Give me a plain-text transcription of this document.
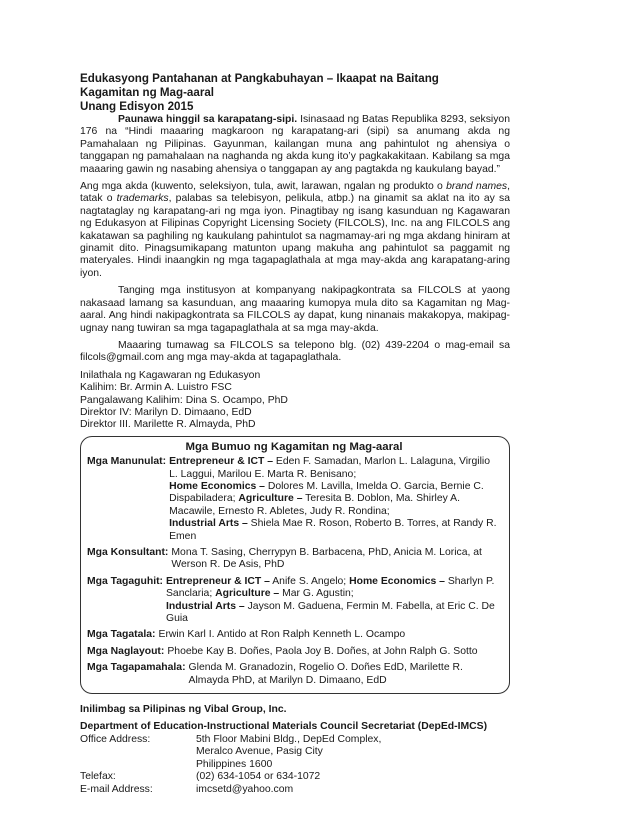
Edukasyong Pantahanan at Pangkabuhayan – Ikaapat na Baitang
Kagamitan ng Mag-aaral
Unang Edisyon 2015

Paunawa hinggil sa karapatang-sipi. Isinasaad ng Batas Republika 8293, seksiyon 176 na “Hindi maaaring magkaroon ng karapatang-ari (sipi) sa anumang akda ng Pamahalaan ng Pilipinas. Gayunman, kailangan muna ang pahintulot ng ahensiya o tanggapan ng pamahalaan na naghanda ng akda kung ito’y pagkakakitaan. Kabilang sa mga maaaring gawin ng nasabing ahensiya o tanggapan ay ang pagtakda ng kaukulang bayad.”

Ang mga akda (kuwento, seleksiyon, tula, awit, larawan, ngalan ng produkto o brand names, tatak o trademarks, palabas sa telebisyon, pelikula, atbp.) na ginamit sa aklat na ito ay sa nagtataglay ng karapatang-ari ng mga iyon. Pinagtibay ng isang kasunduan ng Kagawaran ng Edukasyon at Filipinas Copyright Licensing Society (FILCOLS), Inc. na ang FILCOLS ang kakatawan sa paghiling ng kaukulang pahintulot sa nagmamay-ari ng mga akdang hiniram at ginamit dito. Pinagsumikapang matunton upang makuha ang pahintulot sa paggamit ng materyales. Hindi inaangkin ng mga tagapaglathala at mga may-akda ang karapatang-aring iyon.

Tanging mga institusyon at kompanyang nakipagkontrata sa FILCOLS at yaong nakasaad lamang sa kasunduan, ang maaaring kumopya mula dito sa Kagamitan ng Mag-aaral. Ang hindi nakipagkontrata sa FILCOLS ay dapat, kung ninanais makakopya, makipag-ugnay nang tuwiran sa mga tagapaglathala at sa mga may-akda.

Maaaring tumawag sa FILCOLS sa telepono blg. (02) 439-2204 o mag-email sa filcols@gmail.com ang mga may-akda at tagapaglathala.

Inilathala ng Kagawaran ng Edukasyon
Kalihim: Br. Armin A. Luistro FSC
Pangalawang Kalihim: Dina S. Ocampo, PhD
Direktor IV: Marilyn D. Dimaano, EdD
Direktor III. Marilette R. Almayda, PhD
Mga Bumuo ng Kagamitan ng Mag-aaral
Mga Manunulat: Entrepreneur & ICT – Eden F. Samadan, Marlon L. Lalaguna, Virgilio L. Laggui, Marilou E. Marta R. Benisano;
Home Economics – Dolores M. Lavilla, Imelda O. Garcia, Bernie C. Dispabiladera; Agriculture – Teresita B. Doblon, Ma. Shirley A. Macawile, Ernesto R. Abletes, Judy R. Rondina;
Industrial Arts – Shiela Mae R. Roson, Roberto B. Torres, at Randy R. Emen
Mga Konsultant: Mona T. Sasing, Cherrypyn B. Barbacena, PhD, Anicia M. Lorica, at Werson R. De Asis, PhD
Mga Tagaguhit: Entrepreneur & ICT – Anife S. Angelo; Home Economics – Sharlyn P. Sanclaria; Agriculture – Mar G. Agustin;
Industrial Arts – Jayson M. Gaduena, Fermin M. Fabella, at Eric C. De Guia
Mga Tagatala: Erwin Karl I. Antido at Ron Ralph Kenneth L. Ocampo
Mga Naglayout: Phoebe Kay B. Doñes, Paola Joy B. Doñes, at John Ralph G. Sotto
Mga Tagapamahala: Glenda M. Granadozin, Rogelio O. Doñes EdD, Marilette R. Almayda PhD, at Marilyn D. Dimaano, EdD
Inilimbag sa Pilipinas ng Vibal Group, Inc.
Department of Education-Instructional Materials Council Secretariat (DepEd-IMCS)
Office Address:	5th Floor Mabini Bldg., DepEd Complex,
Meralco Avenue, Pasig City
Philippines 1600
Telefax:	(02) 634-1054 or 634-1072
E-mail Address:	imcsetd@yahoo.com
